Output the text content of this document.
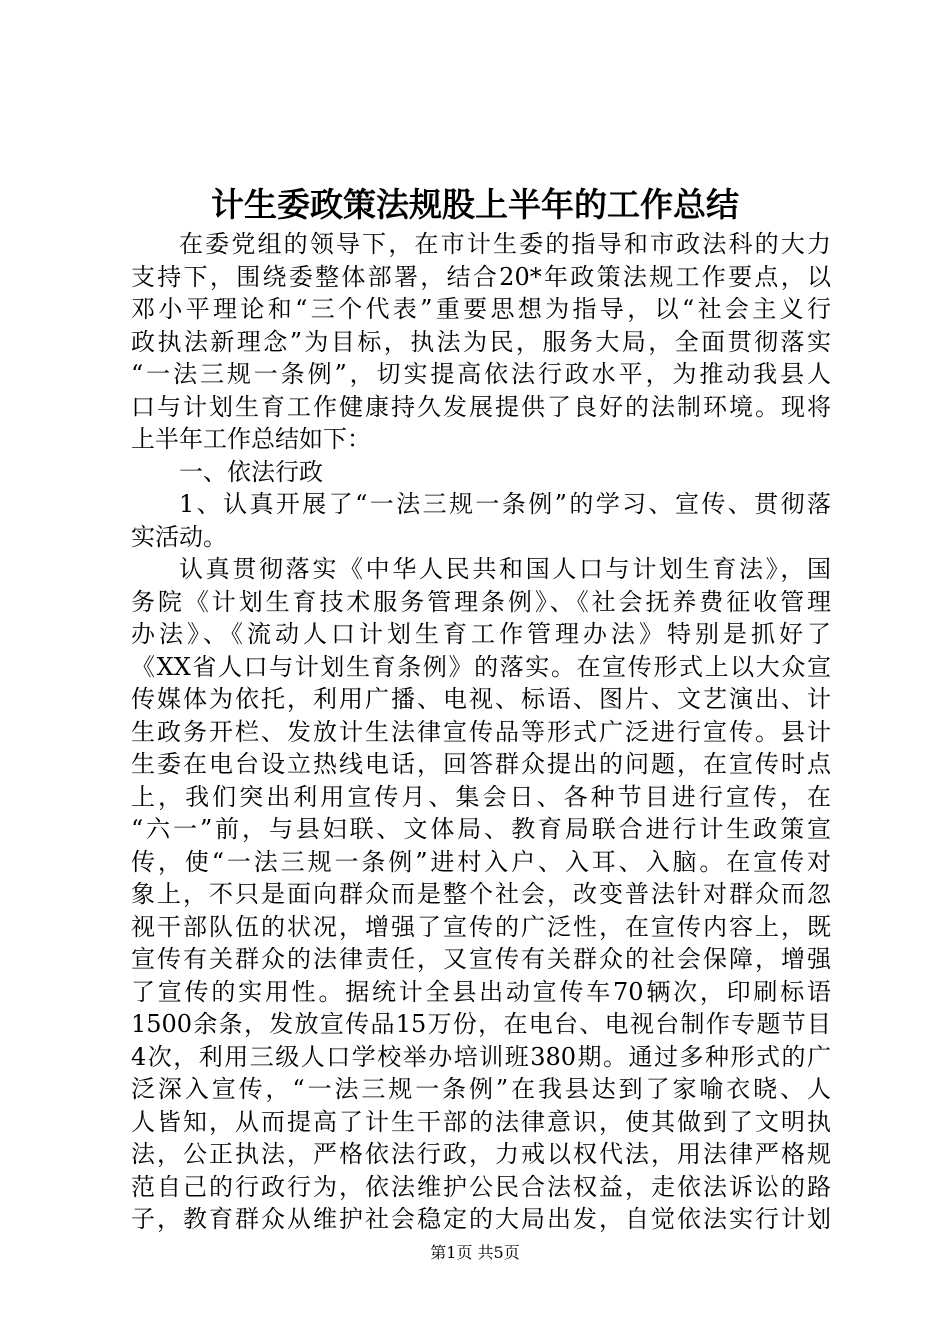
计生委政策法规股上半年的工作总结
在委党组的领导下，在市计生委的指导和市政法科的大力
支持下，围绕委整体部署，结合20*年政策法规工作要点，以
邓小平理论和“三个代表”重要思想为指导，以“社会主义行
政执法新理念”为目标，执法为民，服务大局，全面贯彻落实
“一法三规一条例”，切实提高依法行政水平，为推动我县人
口与计划生育工作健康持久发展提供了良好的法制环境。现将
上半年工作总结如下：
一、依法行政
1、认真开展了“一法三规一条例”的学习、宣传、贯彻落
实活动。
认真贯彻落实《中华人民共和国人口与计划生育法》，国
务院《计划生育技术服务管理条例》、《社会抚养费征收管理
办法》、《流动人口计划生育工作管理办法》特别是抓好了
《XX省人口与计划生育条例》的落实。在宣传形式上以大众宣
传媒体为依托，利用广播、电视、标语、图片、文艺演出、计
生政务开栏、发放计生法律宣传品等形式广泛进行宣传。县计
生委在电台设立热线电话，回答群众提出的问题，在宣传时点
上，我们突出利用宣传月、集会日、各种节目进行宣传，在
“六一”前，与县妇联、文体局、教育局联合进行计生政策宣
传，使“一法三规一条例”进村入户、入耳、入脑。在宣传对
象上，不只是面向群众而是整个社会，改变普法针对群众而忽
视干部队伍的状况，增强了宣传的广泛性，在宣传内容上，既
宣传有关群众的法律责任，又宣传有关群众的社会保障，增强
了宣传的实用性。据统计全县出动宣传车70辆次，印刷标语
1500余条，发放宣传品15万份，在电台、电视台制作专题节目
4次，利用三级人口学校举办培训班380期。通过多种形式的广
泛深入宣传，“一法三规一条例”在我县达到了家喻衣晓、人
人皆知，从而提高了计生干部的法律意识，使其做到了文明执
法，公正执法，严格依法行政，力戒以权代法，用法律严格规
范自己的行政行为，依法维护公民合法权益，走依法诉讼的路
子，教育群众从维护社会稳定的大局出发，自觉依法实行计划
第1页 共5页
